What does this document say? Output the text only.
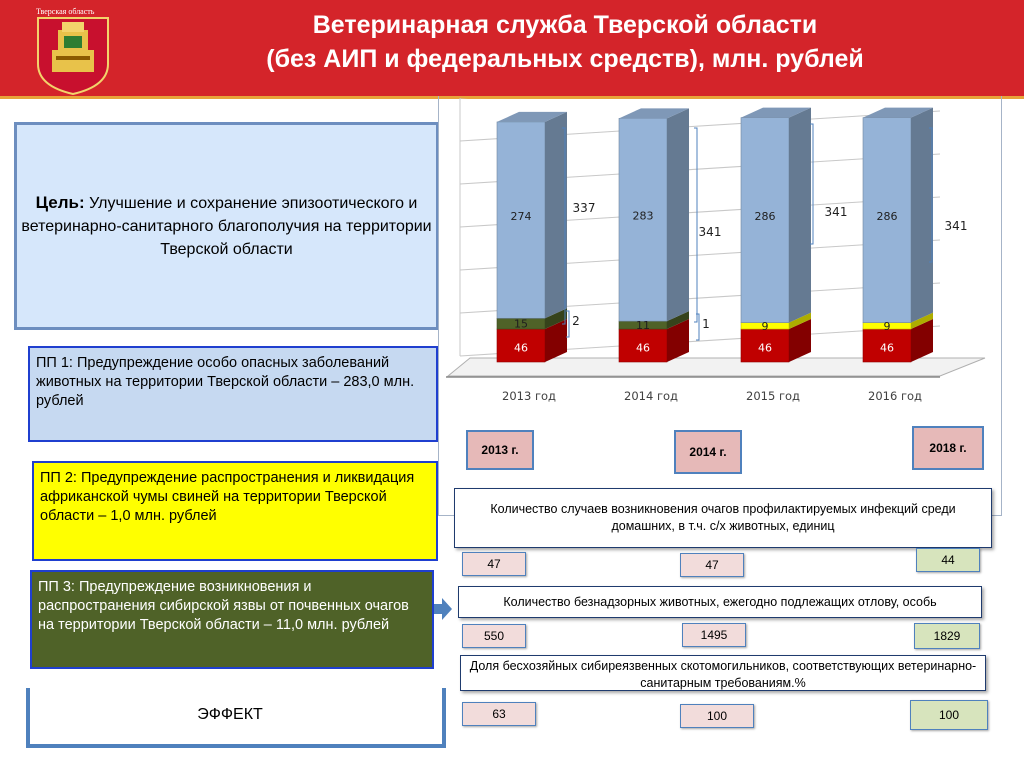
Тверская область	Ветеринарная служба Тверской области
(без АИП и федеральных средств), млн. рублей
Цель: Улучшение и сохранение эпизоотического и ветеринарно-санитарного благополучия на территории Тверской области
ПП 1: Предупреждение особо опасных заболеваний животных на территории Тверской области – 283,0 млн. рублей
ПП 2: Предупреждение распространения и ликвидация африканской чумы свиней на территории Тверской области – 1,0 млн. рублей
ПП 3: Предупреждение возникновения и распространения сибирской язвы от почвенных очагов на территории Тверской области – 11,0 млн. рублей
ЭФФЕКТ
46
15
274
2013 год
46
11
283
2014 год
46
9
286
2015 год
46
9
286
2016 год
337
341
341
341
2	1
2013 г.	2014 г.	2018 г.
Количество случаев возникновения очагов профилактируемых инфекций среди домашних, в т.ч. с/х животных, единиц
47	47	44
Количество безнадзорных животных, ежегодно подлежащих отлову, особь
550	1495	1829
Доля бесхозяйных сибиреязвенных скотомогильников, соответствующих ветеринарно-санитарным требованиям.%
63	100	100
